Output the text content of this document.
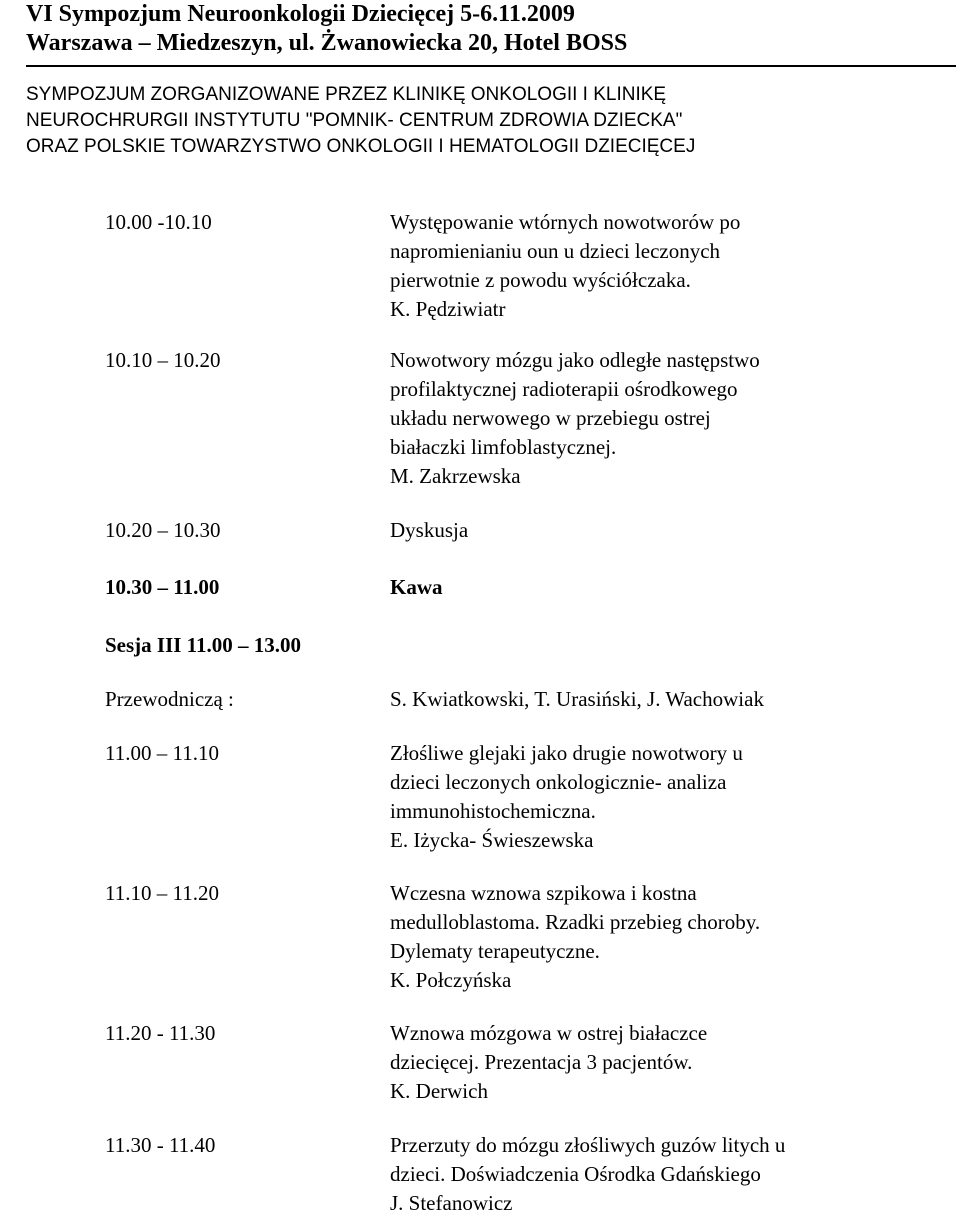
VI Sympozjum Neuroonkologii Dziecięcej 5-6.11.2009
Warszawa – Miedzeszyn, ul. Żwanowiecka 20, Hotel BOSS
SYMPOZJUM ZORGANIZOWANE PRZEZ KLINIKĘ ONKOLOGII I KLINIKĘ
NEUROCHRURGII INSTYTUTU "POMNIK- CENTRUM ZDROWIA DZIECKA"
ORAZ POLSKIE TOWARZYSTWO ONKOLOGII I HEMATOLOGII DZIECIĘCEJ
10.00 -10.10	Występowanie wtórnych nowotworów po
napromienianiu oun u dzieci leczonych
pierwotnie z powodu wyściółczaka.
K. Pędziwiatr
10.10 – 10.20	Nowotwory mózgu jako odległe następstwo
profilaktycznej radioterapii ośrodkowego
układu nerwowego w przebiegu ostrej
białaczki limfoblastycznej.
M. Zakrzewska
10.20 – 10.30	Dyskusja
10.30 – 11.00	Kawa
Sesja III 11.00 – 13.00
Przewodniczą :	S. Kwiatkowski, T. Urasiński, J. Wachowiak
11.00 – 11.10	Złośliwe glejaki jako drugie nowotwory u
dzieci leczonych onkologicznie- analiza
immunohistochemiczna.
E. Iżycka- Świeszewska
11.10 – 11.20	Wczesna wznowa szpikowa i kostna
medulloblastoma. Rzadki przebieg choroby.
Dylematy terapeutyczne.
K. Połczyńska
11.20 - 11.30	Wznowa mózgowa w ostrej białaczce
dziecięcej. Prezentacja 3 pacjentów.
K. Derwich
11.30 - 11.40	Przerzuty do mózgu złośliwych guzów litych u
dzieci. Doświadczenia Ośrodka Gdańskiego
J. Stefanowicz
